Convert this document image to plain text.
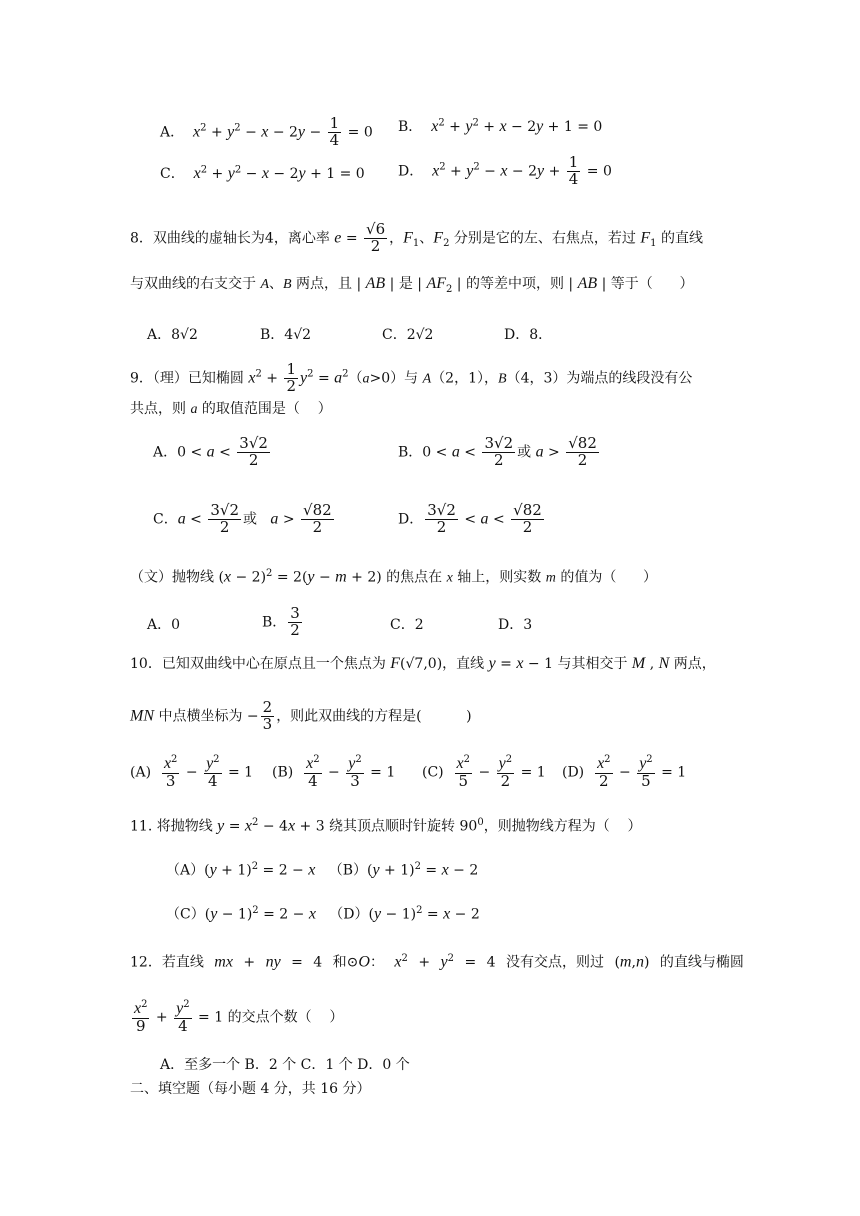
A．  $x^2 + y^2 - x - 2y - \frac{1}{4} = 0$ B．  $x^2 + y^2 + x - 2y + 1 = 0$
C．  $x^2 + y^2 - x - 2y + 1 = 0$ D．  $x^2 + y^2 - x - 2y + \frac{1}{4} = 0$
8．双曲线的虚轴长为4，离心率 $e = \frac{√6}{2}$ ，$F_1$、$F_2$ 分别是它的左、右焦点，若过 $F_1$ 的直线
与双曲线的右支交于 A、B 两点，且 | AB | 是 | $AF_2$ | 的等差中项，则 | AB | 等于（      ）
A．8√2	B．4√2	C．2√2	D．8．
9．（理）已知椭圆 $x^2 + \frac{1}{2} y^2 = a^2(a>0)$与 A（2，1），B（4，3）为端点的线段没有公
共点，则 a 的取值范围是（    ）
A．$0 < a < \frac{3√2}{2}$	B．$0 < a < \frac{3√2}{2}$ 或 $a > \frac{√82}{2}$
C．$a < \frac{3√2}{2}$ 或   $a > \frac{√82}{2}$	D． $\frac{3√2}{2} < a < \frac{√82}{2}$
（文）抛物线 $(x - 2)^2 = 2(y - m + 2)$ 的焦点在 x 轴上，则实数 m 的值为（      ）
A．0	B． $\frac{3}{2}$	C．2	D．3
10．已知双曲线中心在原点且一个焦点为 F(√7,0)，直线 y = x − 1 与其相交于 M , N 两点，
MN 中点横坐标为 − $\frac{2}{3}$ ，则此双曲线的方程是(          )
$(A) \frac{x^2}{3} - \frac{y^2}{4} = 1$ $(B) \frac{x^2}{4} - \frac{y^2}{3} = 1$ $(C) \frac{x^2}{5} - \frac{y^2}{2} = 1$ $(D) \frac{x^2}{2} - \frac{y^2}{5} = 1$
11. 将抛物线 $y = x^2 - 4x + 3$ 绕其顶点顺时针旋转 $90^0$，则抛物线方程为（    ）
$(A)(y + 1)^2 = 2 - x$   $(B)(y + 1)^2 = x - 2$
$(C)(y - 1)^2 = 2 - x$   $(D)(y - 1)^2 = x - 2$
12．若直线 mx + ny = 4 和⊙O： $x^2 + y^2 = 4$ 没有交点，则过 (m,n) 的直线与椭圆
$\frac{x^2}{9} + \frac{y^2}{4} = 1$ 的交点个数（    ）
A．至多一个 B．2 个 C．1 个 D．0 个
二、填空题（每小题 4 分，共 16 分）
